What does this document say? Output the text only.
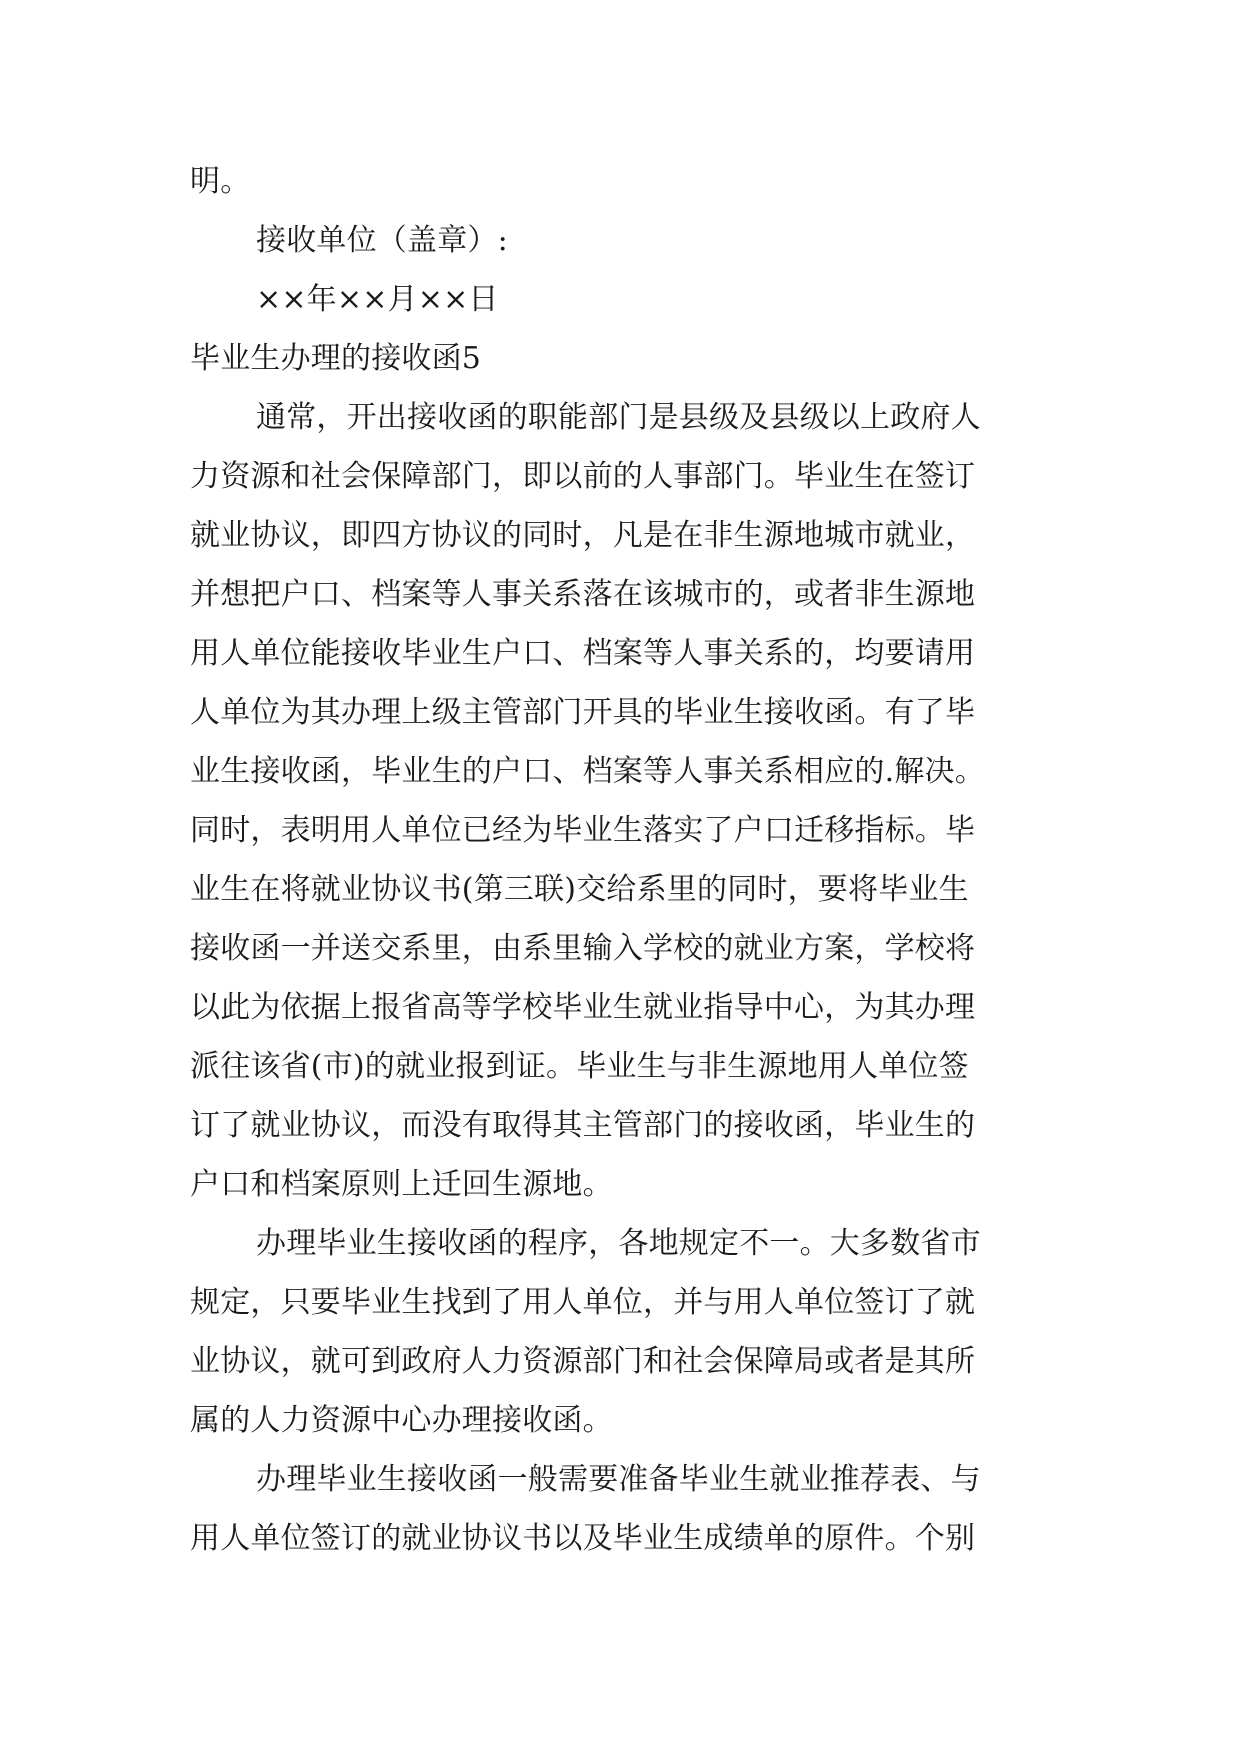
明。
接收单位（盖章）:
××年××月××日
毕业生办理的接收函5
通常，开出接收函的职能部门是县级及县级以上政府人
力资源和社会保障部门，即以前的人事部门。毕业生在签订
就业协议，即四方协议的同时，凡是在非生源地城市就业，
并想把户口、档案等人事关系落在该城市的，或者非生源地
用人单位能接收毕业生户口、档案等人事关系的，均要请用
人单位为其办理上级主管部门开具的毕业生接收函。有了毕
业生接收函，毕业生的户口、档案等人事关系相应的.解决。
同时，表明用人单位已经为毕业生落实了户口迁移指标。毕
业生在将就业协议书(第三联)交给系里的同时，要将毕业生
接收函一并送交系里，由系里输入学校的就业方案，学校将
以此为依据上报省高等学校毕业生就业指导中心，为其办理
派往该省(市)的就业报到证。毕业生与非生源地用人单位签
订了就业协议，而没有取得其主管部门的接收函，毕业生的
户口和档案原则上迁回生源地。
办理毕业生接收函的程序，各地规定不一。大多数省市
规定，只要毕业生找到了用人单位，并与用人单位签订了就
业协议，就可到政府人力资源部门和社会保障局或者是其所
属的人力资源中心办理接收函。
办理毕业生接收函一般需要准备毕业生就业推荐表、与
用人单位签订的就业协议书以及毕业生成绩单的原件。个别
